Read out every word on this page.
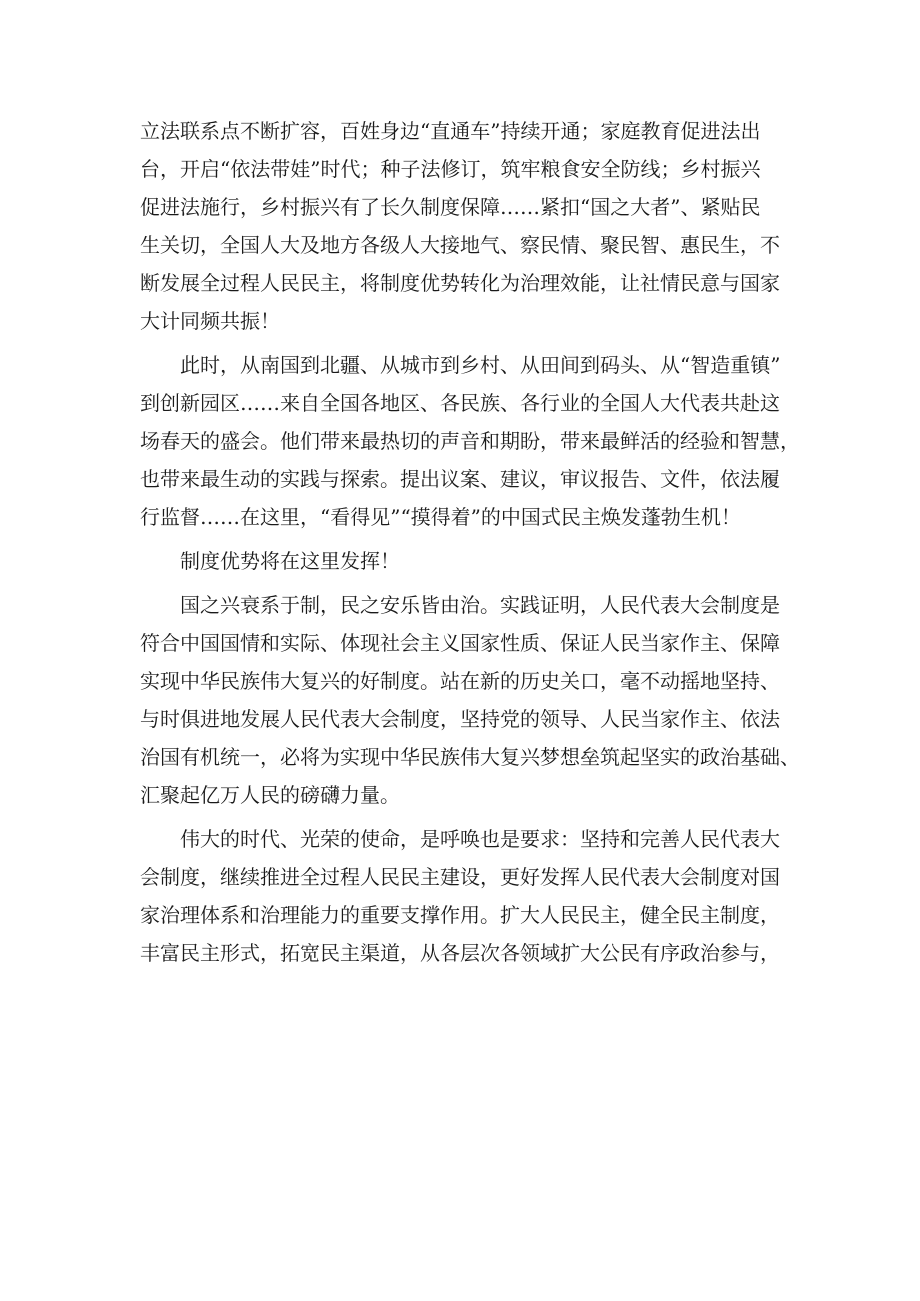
立法联系点不断扩容，百姓身边“直通车”持续开通；家庭教育促进法出
台，开启“依法带娃”时代；种子法修订，筑牢粮食安全防线；乡村振兴
促进法施行，乡村振兴有了长久制度保障……紧扣“国之大者”、紧贴民
生关切，全国人大及地方各级人大接地气、察民情、聚民智、惠民生，不
断发展全过程人民民主，将制度优势转化为治理效能，让社情民意与国家
大计同频共振！
此时，从南国到北疆、从城市到乡村、从田间到码头、从“智造重镇”
到创新园区……来自全国各地区、各民族、各行业的全国人大代表共赴这
场春天的盛会。他们带来最热切的声音和期盼，带来最鲜活的经验和智慧，
也带来最生动的实践与探索。提出议案、建议，审议报告、文件，依法履
行监督……在这里，“看得见”“摸得着”的中国式民主焕发蓬勃生机！
制度优势将在这里发挥！
国之兴衰系于制，民之安乐皆由治。实践证明，人民代表大会制度是
符合中国国情和实际、体现社会主义国家性质、保证人民当家作主、保障
实现中华民族伟大复兴的好制度。站在新的历史关口，毫不动摇地坚持、
与时俱进地发展人民代表大会制度，坚持党的领导、人民当家作主、依法
治国有机统一，必将为实现中华民族伟大复兴梦想垒筑起坚实的政治基础、
汇聚起亿万人民的磅礴力量。
伟大的时代、光荣的使命，是呼唤也是要求：坚持和完善人民代表大
会制度，继续推进全过程人民民主建设，更好发挥人民代表大会制度对国
家治理体系和治理能力的重要支撑作用。扩大人民民主，健全民主制度，
丰富民主形式，拓宽民主渠道，从各层次各领域扩大公民有序政治参与，
